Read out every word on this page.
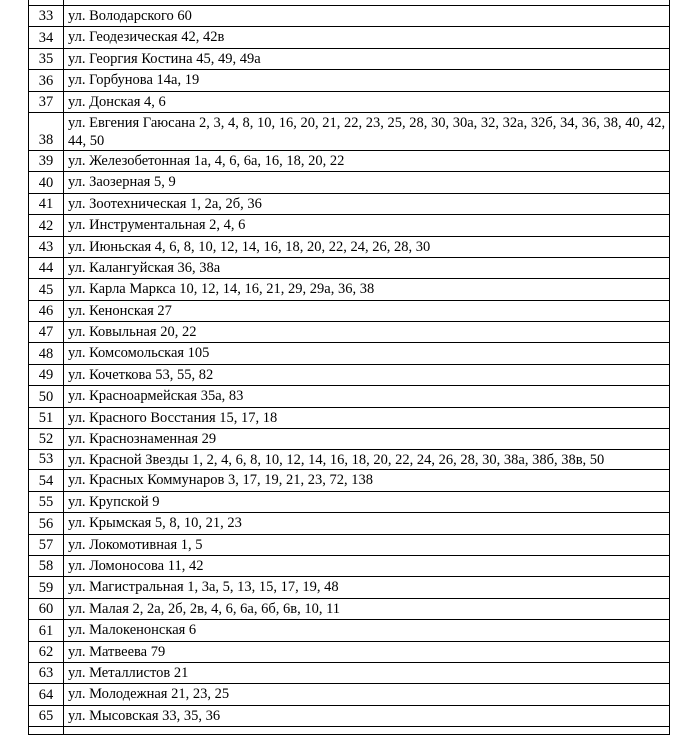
33	ул. Володарского 60
34	ул. Геодезическая 42, 42в
35	ул. Георгия Костина 45, 49, 49а
36	ул. Горбунова 14а, 19
37	ул. Донская 4, 6
38	ул. Евгения Гаюсана 2, 3, 4, 8, 10, 16, 20, 21, 22, 23, 25, 28, 30, 30а, 32, 32а, 32б, 34, 36, 38, 40, 42, 44, 50
39	ул. Железобетонная 1а, 4, 6, 6а, 16, 18, 20, 22
40	ул. Заозерная 5, 9
41	ул. Зоотехническая 1, 2а, 2б, 36
42	ул. Инструментальная 2, 4, 6
43	ул. Июньская 4, 6, 8, 10, 12, 14, 16, 18, 20, 22, 24, 26, 28, 30
44	ул. Калангуйская 36, 38а
45	ул. Карла Маркса 10, 12, 14, 16, 21, 29, 29а, 36, 38
46	ул. Кенонская 27
47	ул. Ковыльная 20, 22
48	ул. Комсомольская 105
49	ул. Кочеткова 53, 55, 82
50	ул. Красноармейская 35а, 83
51	ул. Красного Восстания 15, 17, 18
52	ул. Краснознаменная 29
53	ул. Красной Звезды 1, 2, 4, 6, 8, 10, 12, 14, 16, 18, 20, 22, 24, 26, 28, 30, 38а, 38б, 38в, 50
54	ул. Красных Коммунаров 3, 17, 19, 21, 23, 72, 138
55	ул. Крупской 9
56	ул. Крымская 5, 8, 10, 21, 23
57	ул. Локомотивная 1, 5
58	ул. Ломоносова 11, 42
59	ул. Магистральная 1, 3а, 5, 13, 15, 17, 19, 48
60	ул. Малая 2, 2а, 2б, 2в, 4, 6, 6а, 6б, 6в, 10, 11
61	ул. Малокенонская 6
62	ул. Матвеева 79
63	ул. Металлистов 21
64	ул. Молодежная 21, 23, 25
65	ул. Мысовская 33, 35, 36
